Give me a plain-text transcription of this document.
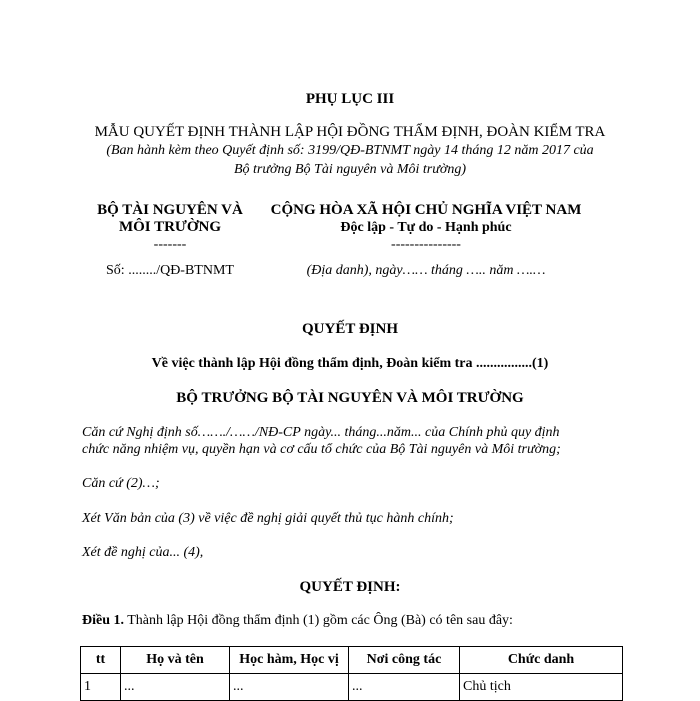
PHỤ LỤC III
MẪU QUYẾT ĐỊNH THÀNH LẬP HỘI ĐỒNG THẨM ĐỊNH, ĐOÀN KIỂM TRA
(Ban hành kèm theo Quyết định số: 3199/QĐ-BTNMT ngày 14 tháng 12 năm 2017 của
Bộ trưởng Bộ Tài nguyên và Môi trường)
BỘ TÀI NGUYÊN VÀ
MÔI TRƯỜNG
-------
Số: ......../QĐ-BTNMT
CỘNG HÒA XÃ HỘI CHỦ NGHĨA VIỆT NAM
Độc lập - Tự do - Hạnh phúc
---------------
(Địa danh), ngày…… tháng ….. năm ….…
QUYẾT ĐỊNH
Về việc thành lập Hội đồng thẩm định, Đoàn kiểm tra ................(1)
BỘ TRƯỞNG BỘ TÀI NGUYÊN VÀ MÔI TRƯỜNG
Căn cứ Nghị định số……./……/NĐ-CP ngày... tháng...năm... của Chính phủ quy định
chức năng nhiệm vụ, quyền hạn và cơ cấu tổ chức của Bộ Tài nguyên và Môi trường;
Căn cứ (2)…;
Xét Văn bản của (3) về việc đề nghị giải quyết thủ tục hành chính;
Xét đề nghị của... (4),
QUYẾT ĐỊNH:
Điều 1. Thành lập Hội đồng thẩm định (1) gồm các Ông (Bà) có tên sau đây:
tt	Họ và tên	Học hàm, Học vị	Nơi công tác	Chức danh
1	...	...	...	Chủ tịch
